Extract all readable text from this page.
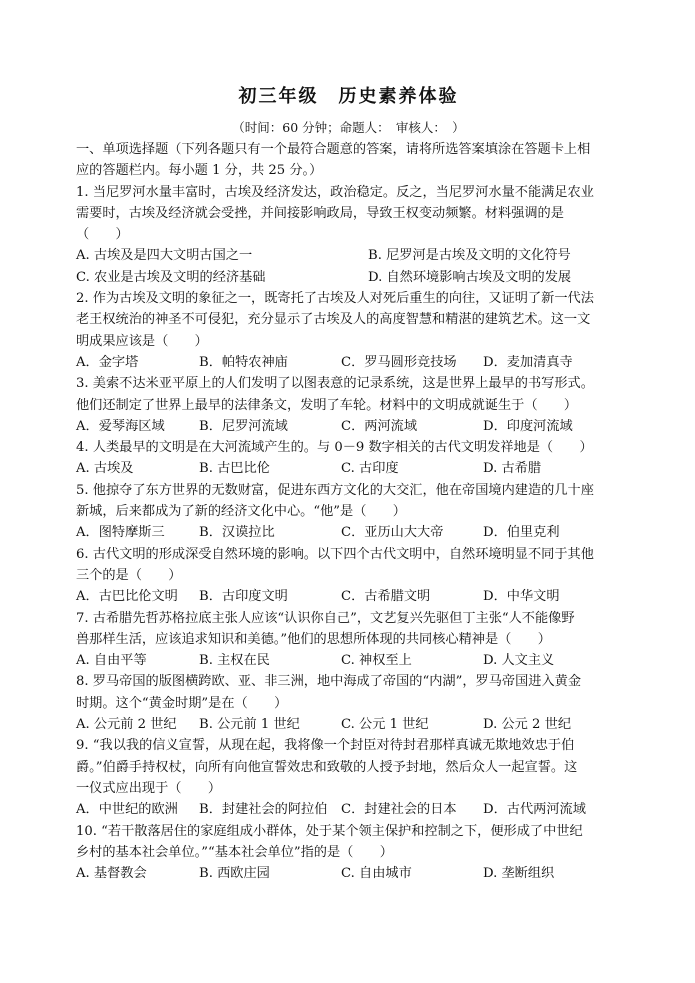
初三年级　历史素养体验
（时间：60 分钟；命题人：　审核人：　）

一、单项选择题（下列各题只有一个最符合题意的答案，请将所选答案填涂在答题卡上相

应的答题栏内。每小题 1 分，共 25 分。）

1. 当尼罗河水量丰富时，古埃及经济发达，政治稳定。反之，当尼罗河水量不能满足农业

需要时，古埃及经济就会受挫，并间接影响政局，导致王权变动频繁。材料强调的是

（　　）

A. 古埃及是四大文明古国之一	B. 尼罗河是古埃及文明的文化符号
C. 农业是古埃及文明的经济基础	D. 自然环境影响古埃及文明的发展

2. 作为古埃及文明的象征之一，既寄托了古埃及人对死后重生的向往，又证明了新一代法

老王权统治的神圣不可侵犯，充分显示了古埃及人的高度智慧和精湛的建筑艺术。这一文

明成果应该是（　　）

A．金字塔	B．帕特农神庙	C．罗马圆形竞技场	D．麦加清真寺

3. 美索不达米亚平原上的人们发明了以图表意的记录系统，这是世界上最早的书写形式。

他们还制定了世界上最早的法律条文，发明了车轮。材料中的文明成就诞生于（　　）

A．爱琴海区域	B．尼罗河流域	C．两河流域	D．印度河流域

4. 人类最早的文明是在大河流域产生的。与 0－9 数字相关的古代文明发祥地是（　　）

A. 古埃及	B. 古巴比伦	C. 古印度	D. 古希腊

5. 他掠夺了东方世界的无数财富，促进东西方文化的大交汇，他在帝国境内建造的几十座

新城，后来都成为了新的经济文化中心。“他”是（　　）

A．图特摩斯三	B．汉谟拉比	C．亚历山大大帝	D．伯里克利

6. 古代文明的形成深受自然环境的影响。以下四个古代文明中，自然环境明显不同于其他

三个的是（　　）

A．古巴比伦文明	B．古印度文明	C．古希腊文明	D．中华文明

7. 古希腊先哲苏格拉底主张人应该“认识你自己”，文艺复兴先驱但丁主张“人不能像野

兽那样生活，应该追求知识和美德。”他们的思想所体现的共同核心精神是（　　）

A. 自由平等	B. 主权在民	C. 神权至上	D. 人文主义

8. 罗马帝国的版图横跨欧、亚、非三洲，地中海成了帝国的“内湖”，罗马帝国进入黄金

时期。这个“黄金时期”是在（　　）

A. 公元前 2 世纪	B. 公元前 1 世纪	C. 公元 1 世纪	D. 公元 2 世纪

9. “我以我的信义宣誓，从现在起，我将像一个封臣对待封君那样真诚无欺地效忠于伯

爵。”伯爵手持权杖，向所有向他宣誓效忠和致敬的人授予封地，然后众人一起宣誓。这

一仪式应出现于（　　）

A．中世纪的欧洲	B．封建社会的阿拉伯	C．封建社会的日本	D．古代两河流域

10. “若干散落居住的家庭组成小群体，处于某个领主保护和控制之下，便形成了中世纪

乡村的基本社会单位。”“基本社会单位”指的是（　　）

A. 基督教会	B. 西欧庄园	C. 自由城市	D. 垄断组织
